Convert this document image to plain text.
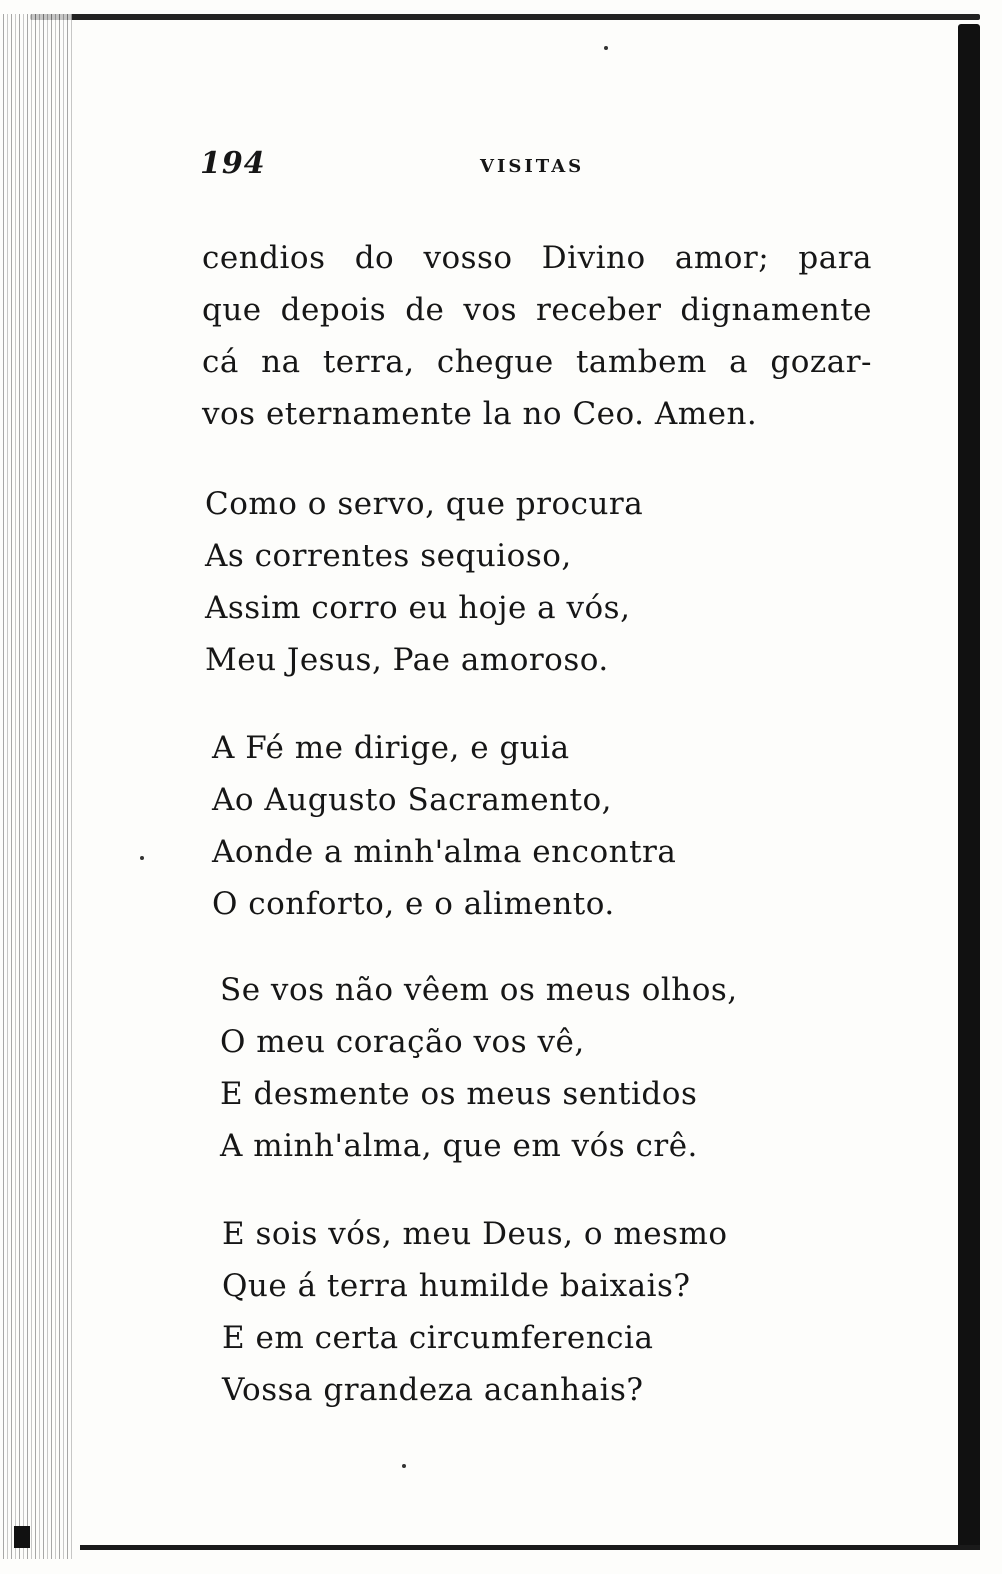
194	VISITAS
cendios do vosso Divino amor; para
que depois de vos receber dignamente
cá na terra, chegue tambem a gozar-
vos eternamente la no Ceo. Amen.
Como o servo, que procura
As correntes sequioso,
Assim corro eu hoje a vós,
Meu Jesus, Pae amoroso.
A Fé me dirige, e guia
Ao Augusto Sacramento,
Aonde a minh'alma encontra
O conforto, e o alimento.
Se vos não vêem os meus olhos,
O meu coração vos vê,
E desmente os meus sentidos
A minh'alma, que em vós crê.
E sois vós, meu Deus, o mesmo
Que á terra humilde baixais?
E em certa circumferencia
Vossa grandeza acanhais?
